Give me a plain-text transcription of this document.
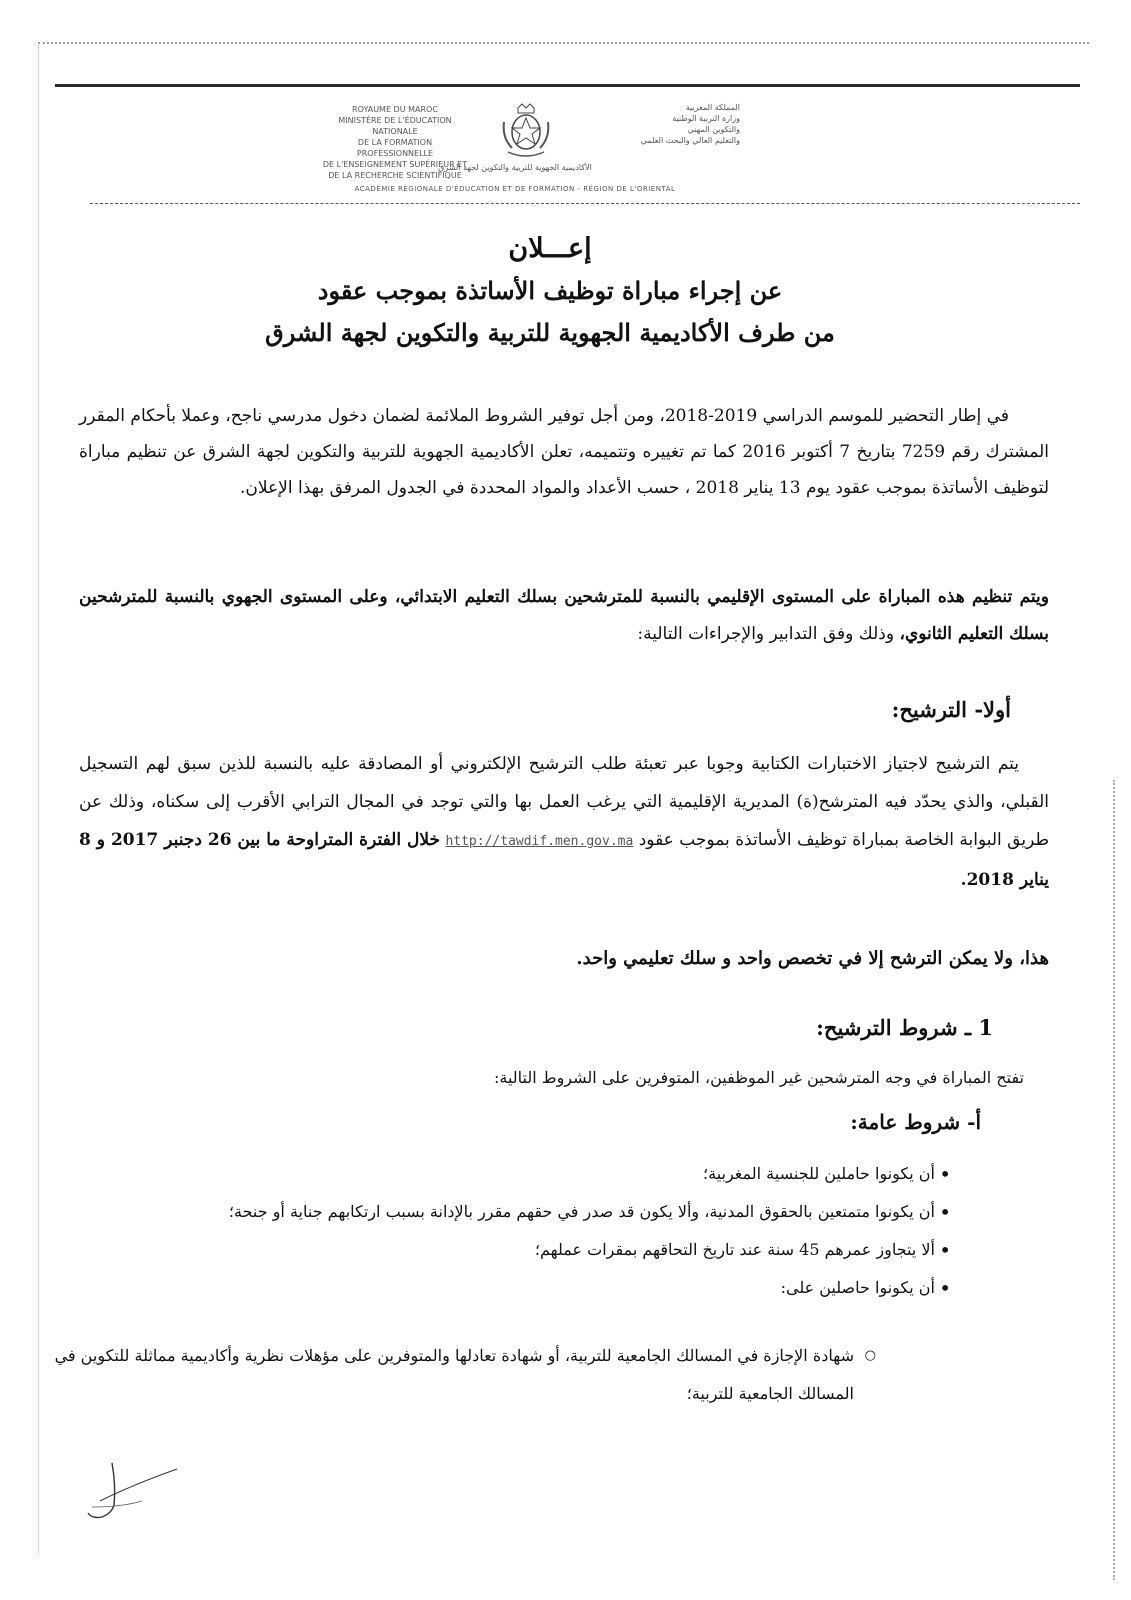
ROYAUME DU MAROC
MINISTÈRE DE L'ÉDUCATION NATIONALE
DE LA FORMATION PROFESSIONNELLE
DE L'ENSEIGNEMENT SUPÉRIEUR ET DE LA RECHERCHE SCIENTIFIQUE
المملكة المغربية
وزارة التربية الوطنية
والتكوين المهني
والتعليم العالي والبحث العلمي
الأكاديمية الجهوية للتربية والتكوين لجهة الشرق
ACADÉMIE RÉGIONALE D'ÉDUCATION ET DE FORMATION - RÉGION DE L'ORIENTAL
إعـــلان
عن إجراء مباراة توظيف الأساتذة بموجب عقود
من طرف الأكاديمية الجهوية للتربية والتكوين لجهة الشرق
في إطار التحضير للموسم الدراسي 2019-2018، ومن أجل توفير الشروط الملائمة لضمان دخول مدرسي ناجح، وعملا بأحكام المقرر المشترك رقم 7259 بتاريخ 7 أكتوبر 2016 كما تم تغييره وتتميمه، تعلن الأكاديمية الجهوية للتربية والتكوين لجهة الشرق عن تنظيم مباراة لتوظيف الأساتذة بموجب عقود يوم 13 يناير 2018 ، حسب الأعداد والمواد المحددة في الجدول المرفق بهذا الإعلان.
ويتم تنظيم هذه المباراة على المستوى الإقليمي بالنسبة للمترشحين بسلك التعليم الابتدائي، وعلى المستوى الجهوي بالنسبة للمترشحين بسلك التعليم الثانوي، وذلك وفق التدابير والإجراءات التالية:
أولا- الترشيح:
يتم الترشيح لاجتياز الاختبارات الكتابية وجوبا عبر تعبئة طلب الترشيح الإلكتروني أو المصادقة عليه بالنسبة للذين سبق لهم التسجيل القبلي، والذي يحدّد فيه المترشح(ة) المديرية الإقليمية التي يرغب العمل بها والتي توجد في المجال الترابي الأقرب إلى سكناه، وذلك عن طريق البوابة الخاصة بمباراة توظيف الأساتذة بموجب عقود http://tawdif.men.gov.ma خلال الفترة المتراوحة ما بين 26 دجنبر 2017 و 8 يناير 2018.
هذا، ولا يمكن الترشح إلا في تخصص واحد و سلك تعليمي واحد.
1 ـ شروط الترشيح:
تفتح المباراة في وجه المترشحين غير الموظفين، المتوفرين على الشروط التالية:
أ- شروط عامة:
• أن يكونوا حاملين للجنسية المغربية؛
• أن يكونوا متمتعين بالحقوق المدنية، وألا يكون قد صدر في حقهم مقرر بالإدانة بسبب ارتكابهم جناية أو جنحة؛
• ألا يتجاوز عمرهم 45 سنة عند تاريخ التحاقهم بمقرات عملهم؛
• أن يكونوا حاصلين على:
○ شهادة الإجازة في المسالك الجامعية للتربية، أو شهادة تعادلها والمتوفرين على مؤهلات نظرية وأكاديمية مماثلة للتكوين في المسالك الجامعية للتربية؛
